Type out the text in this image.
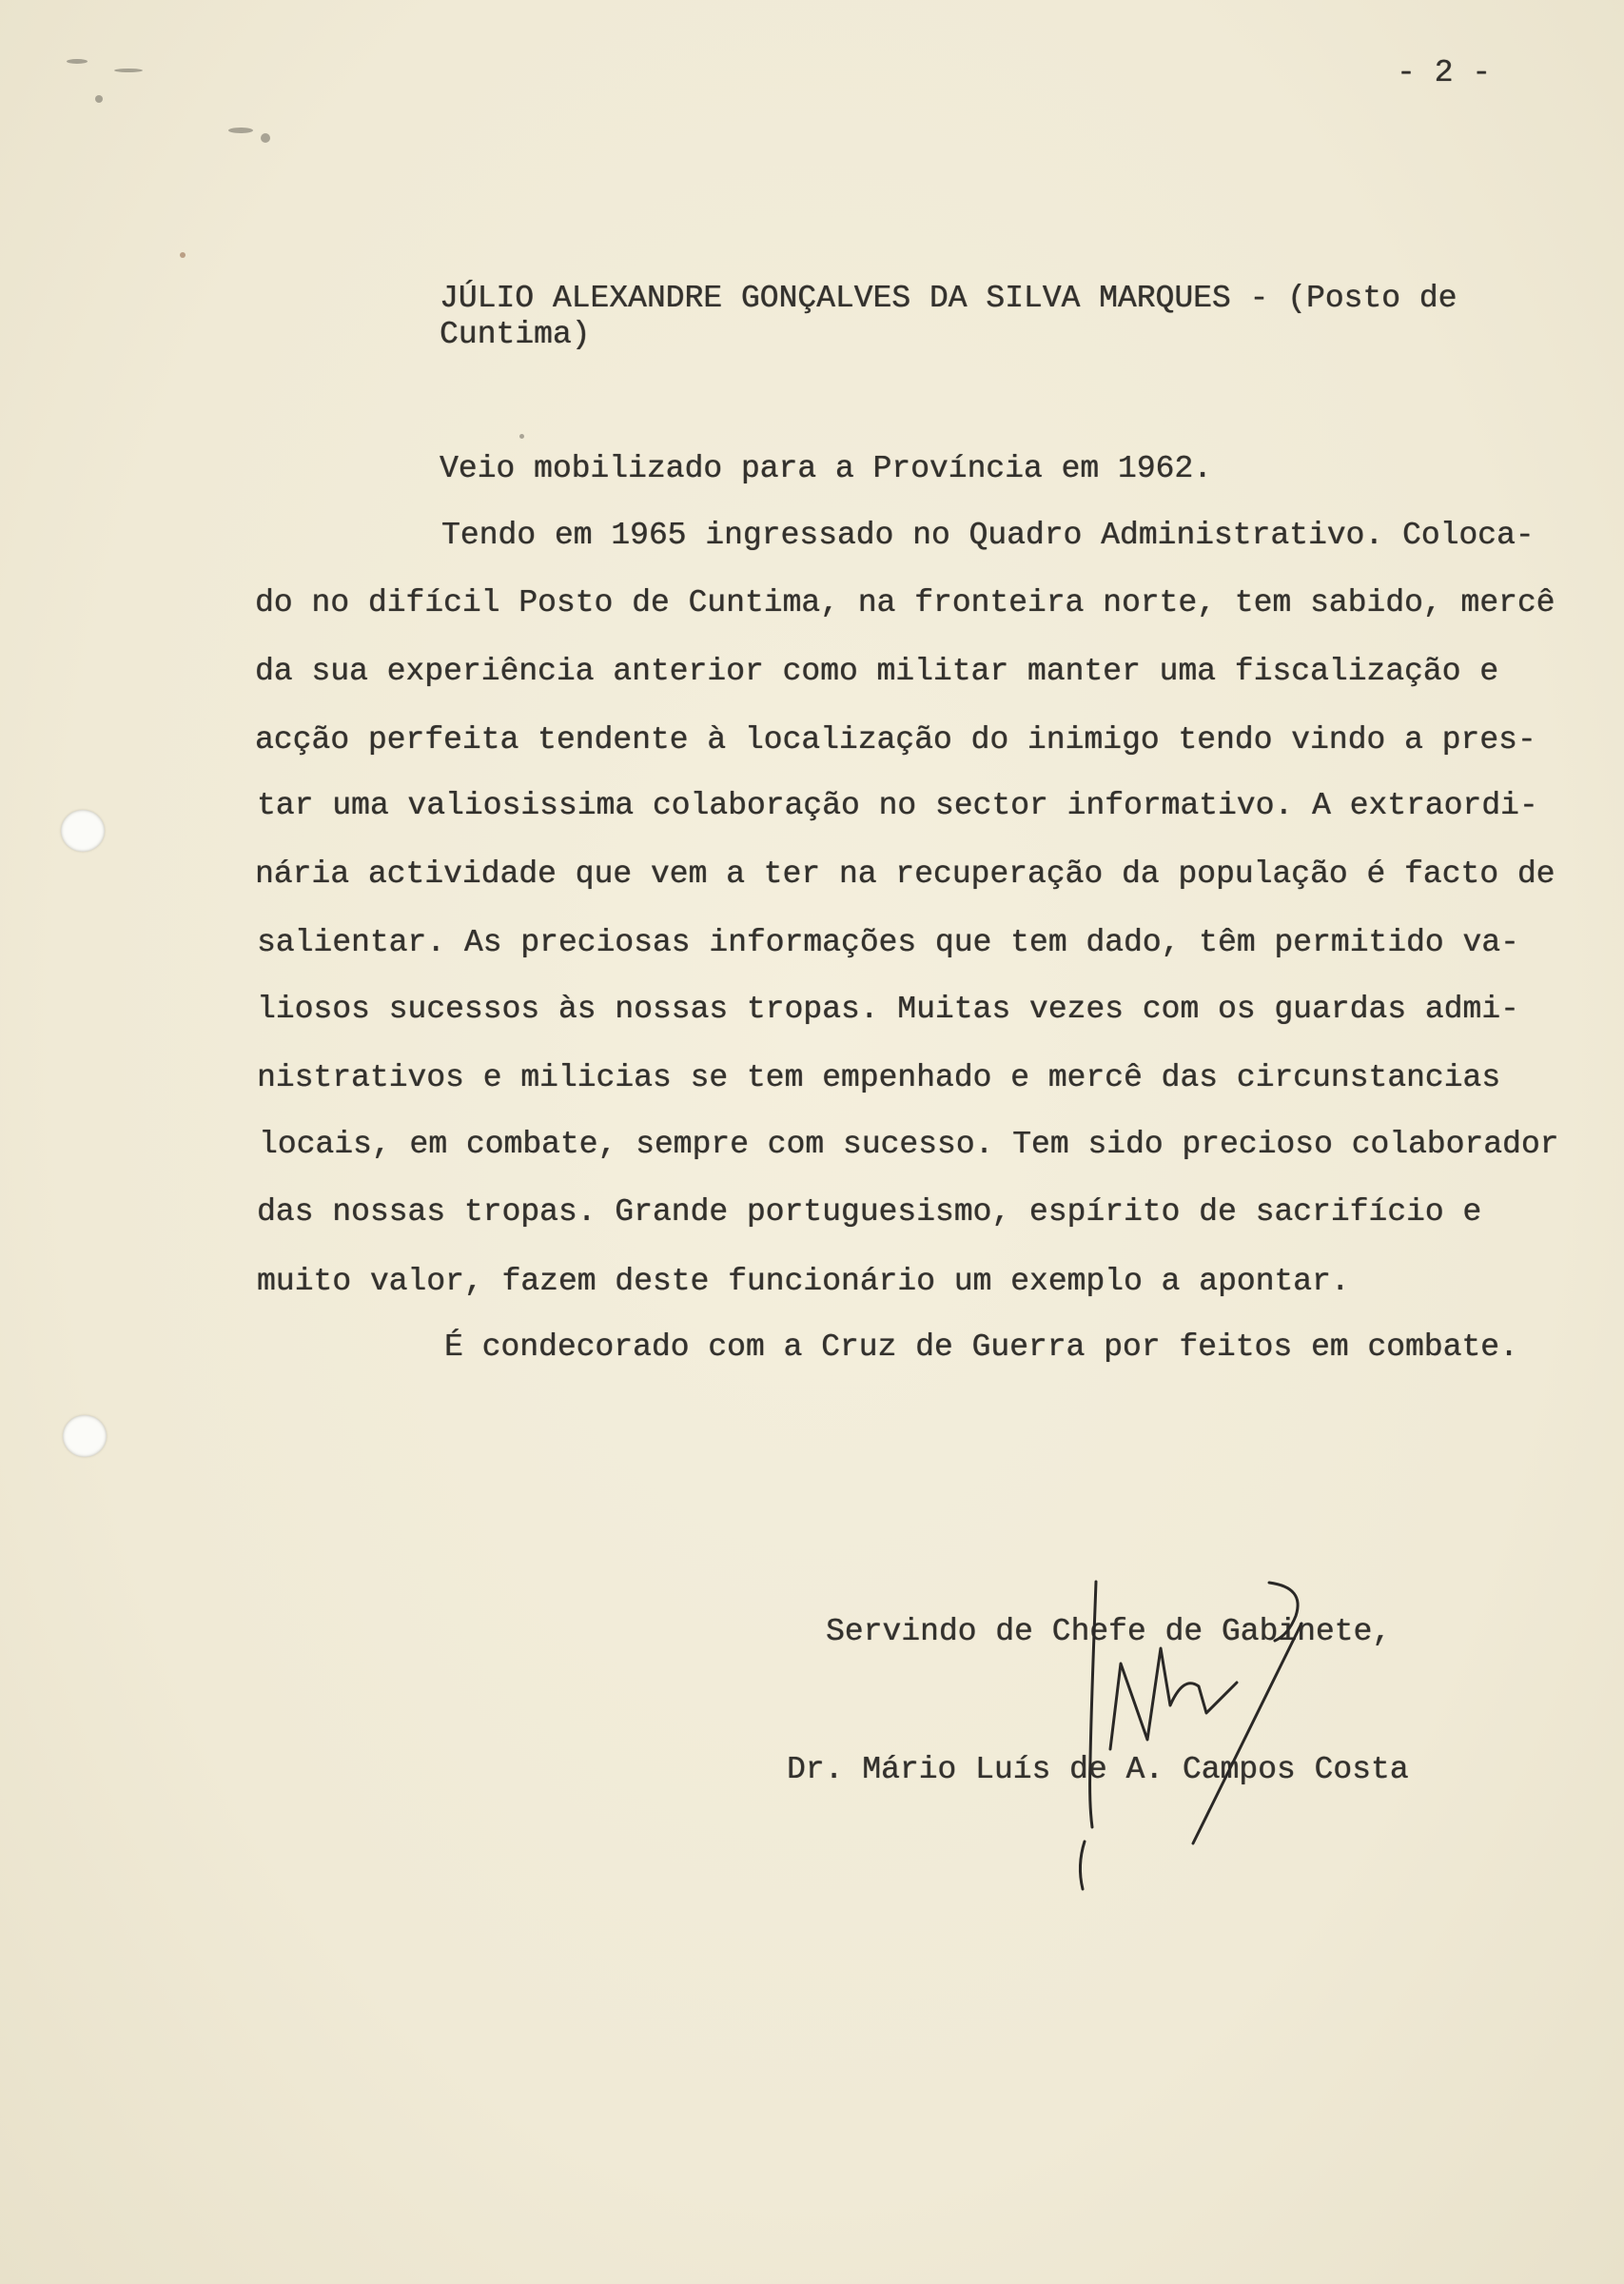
- 2 -
JÚLIO ALEXANDRE GONÇALVES DA SILVA MARQUES - (Posto de
Cuntima)
Veio mobilizado para a Província em 1962.
Tendo em 1965 ingressado no Quadro Administrativo. Coloca-
do no difícil Posto de Cuntima, na fronteira norte, tem sabido, mercê
da sua experiência anterior como militar manter uma fiscalização e
acção perfeita tendente à localização do inimigo tendo vindo a pres-
tar uma valiosissima colaboração no sector informativo. A extraordi-
nária actividade que vem a ter na recuperação da população é facto de
salientar. As preciosas informações que tem dado, têm permitido va-
liosos sucessos às nossas tropas. Muitas vezes com os guardas admi-
nistrativos e milicias se tem empenhado e mercê das circunstancias
locais, em combate, sempre com sucesso. Tem sido precioso colaborador
das nossas tropas. Grande portuguesismo, espírito de sacrifício e
muito valor, fazem deste funcionário um exemplo a apontar.
É condecorado com a Cruz de Guerra por feitos em combate.
Servindo de Chefe de Gabinete,
Dr. Mário Luís de A. Campos Costa
